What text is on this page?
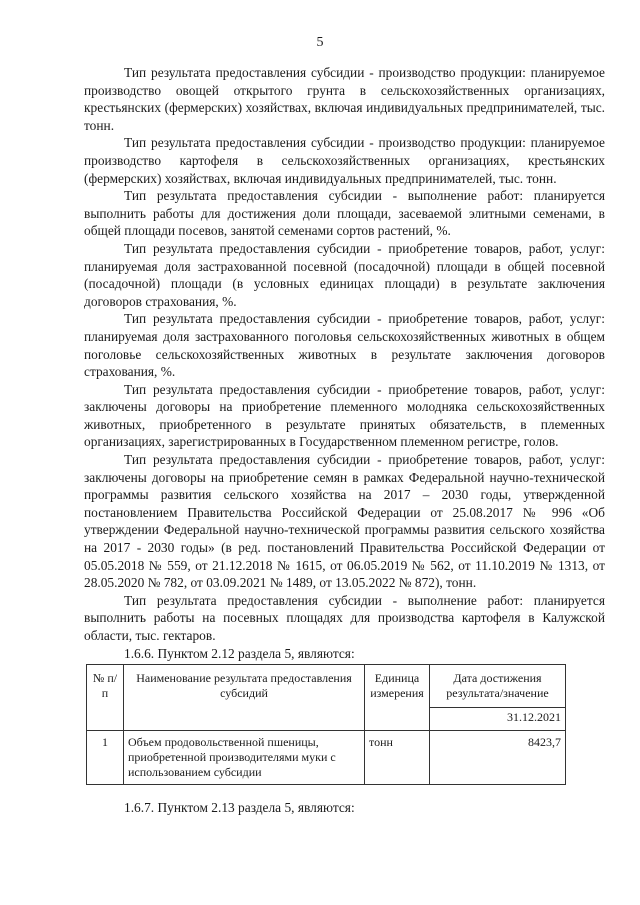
5

Тип результата предоставления субсидии - производство продукции: планируемое производство овощей открытого грунта в сельскохозяйственных организациях, крестьянских (фермерских) хозяйствах, включая индивидуальных предпринимателей, тыс. тонн.

Тип результата предоставления субсидии - производство продукции: планируемое производство картофеля в сельскохозяйственных организациях, крестьянских (фермерских) хозяйствах, включая индивидуальных предпринимателей, тыс. тонн.

Тип результата предоставления субсидии - выполнение работ: планируется выполнить работы для достижения доли площади, засеваемой элитными семенами, в общей площади посевов, занятой семенами сортов растений, %.

Тип результата предоставления субсидии - приобретение товаров, работ, услуг: планируемая доля застрахованной посевной (посадочной) площади в общей посевной (посадочной) площади (в условных единицах площади) в результате заключения договоров страхования, %.

Тип результата предоставления субсидии - приобретение товаров, работ, услуг: планируемая доля застрахованного поголовья сельскохозяйственных животных в общем поголовье сельскохозяйственных животных в результате заключения договоров страхования, %.

Тип результата предоставления субсидии - приобретение товаров, работ, услуг: заключены договоры на приобретение племенного молодняка сельскохозяйственных животных, приобретенного в результате принятых обязательств, в племенных организациях, зарегистрированных в Государственном племенном регистре, голов.

Тип результата предоставления субсидии - приобретение товаров, работ, услуг: заключены договоры на приобретение семян в рамках Федеральной научно-технической программы развития сельского хозяйства на 2017 – 2030 годы, утвержденной постановлением Правительства Российской Федерации от 25.08.2017 № 996 «Об утверждении Федеральной научно-технической программы развития сельского хозяйства на 2017 - 2030 годы» (в ред. постановлений Правительства Российской Федерации от 05.05.2018 № 559, от 21.12.2018 № 1615, от 06.05.2019 № 562, от 11.10.2019 № 1313, от 28.05.2020 № 782, от 03.09.2021 № 1489, от 13.05.2022 № 872), тонн.

Тип результата предоставления субсидии - выполнение работ: планируется выполнить работы на посевных площадях для производства картофеля в Калужской области, тыс. гектаров.

1.6.6. Пунктом 2.12 раздела 5, являются:

№ п/п	Наименование результата предоставления субсидий	Единица измерения	Дата достижения результата/значение
			31.12.2021
1	Объем продовольственной пшеницы, приобретенной производителями муки с использованием субсидии	тонн	8423,7

1.6.7. Пунктом 2.13 раздела 5, являются:
